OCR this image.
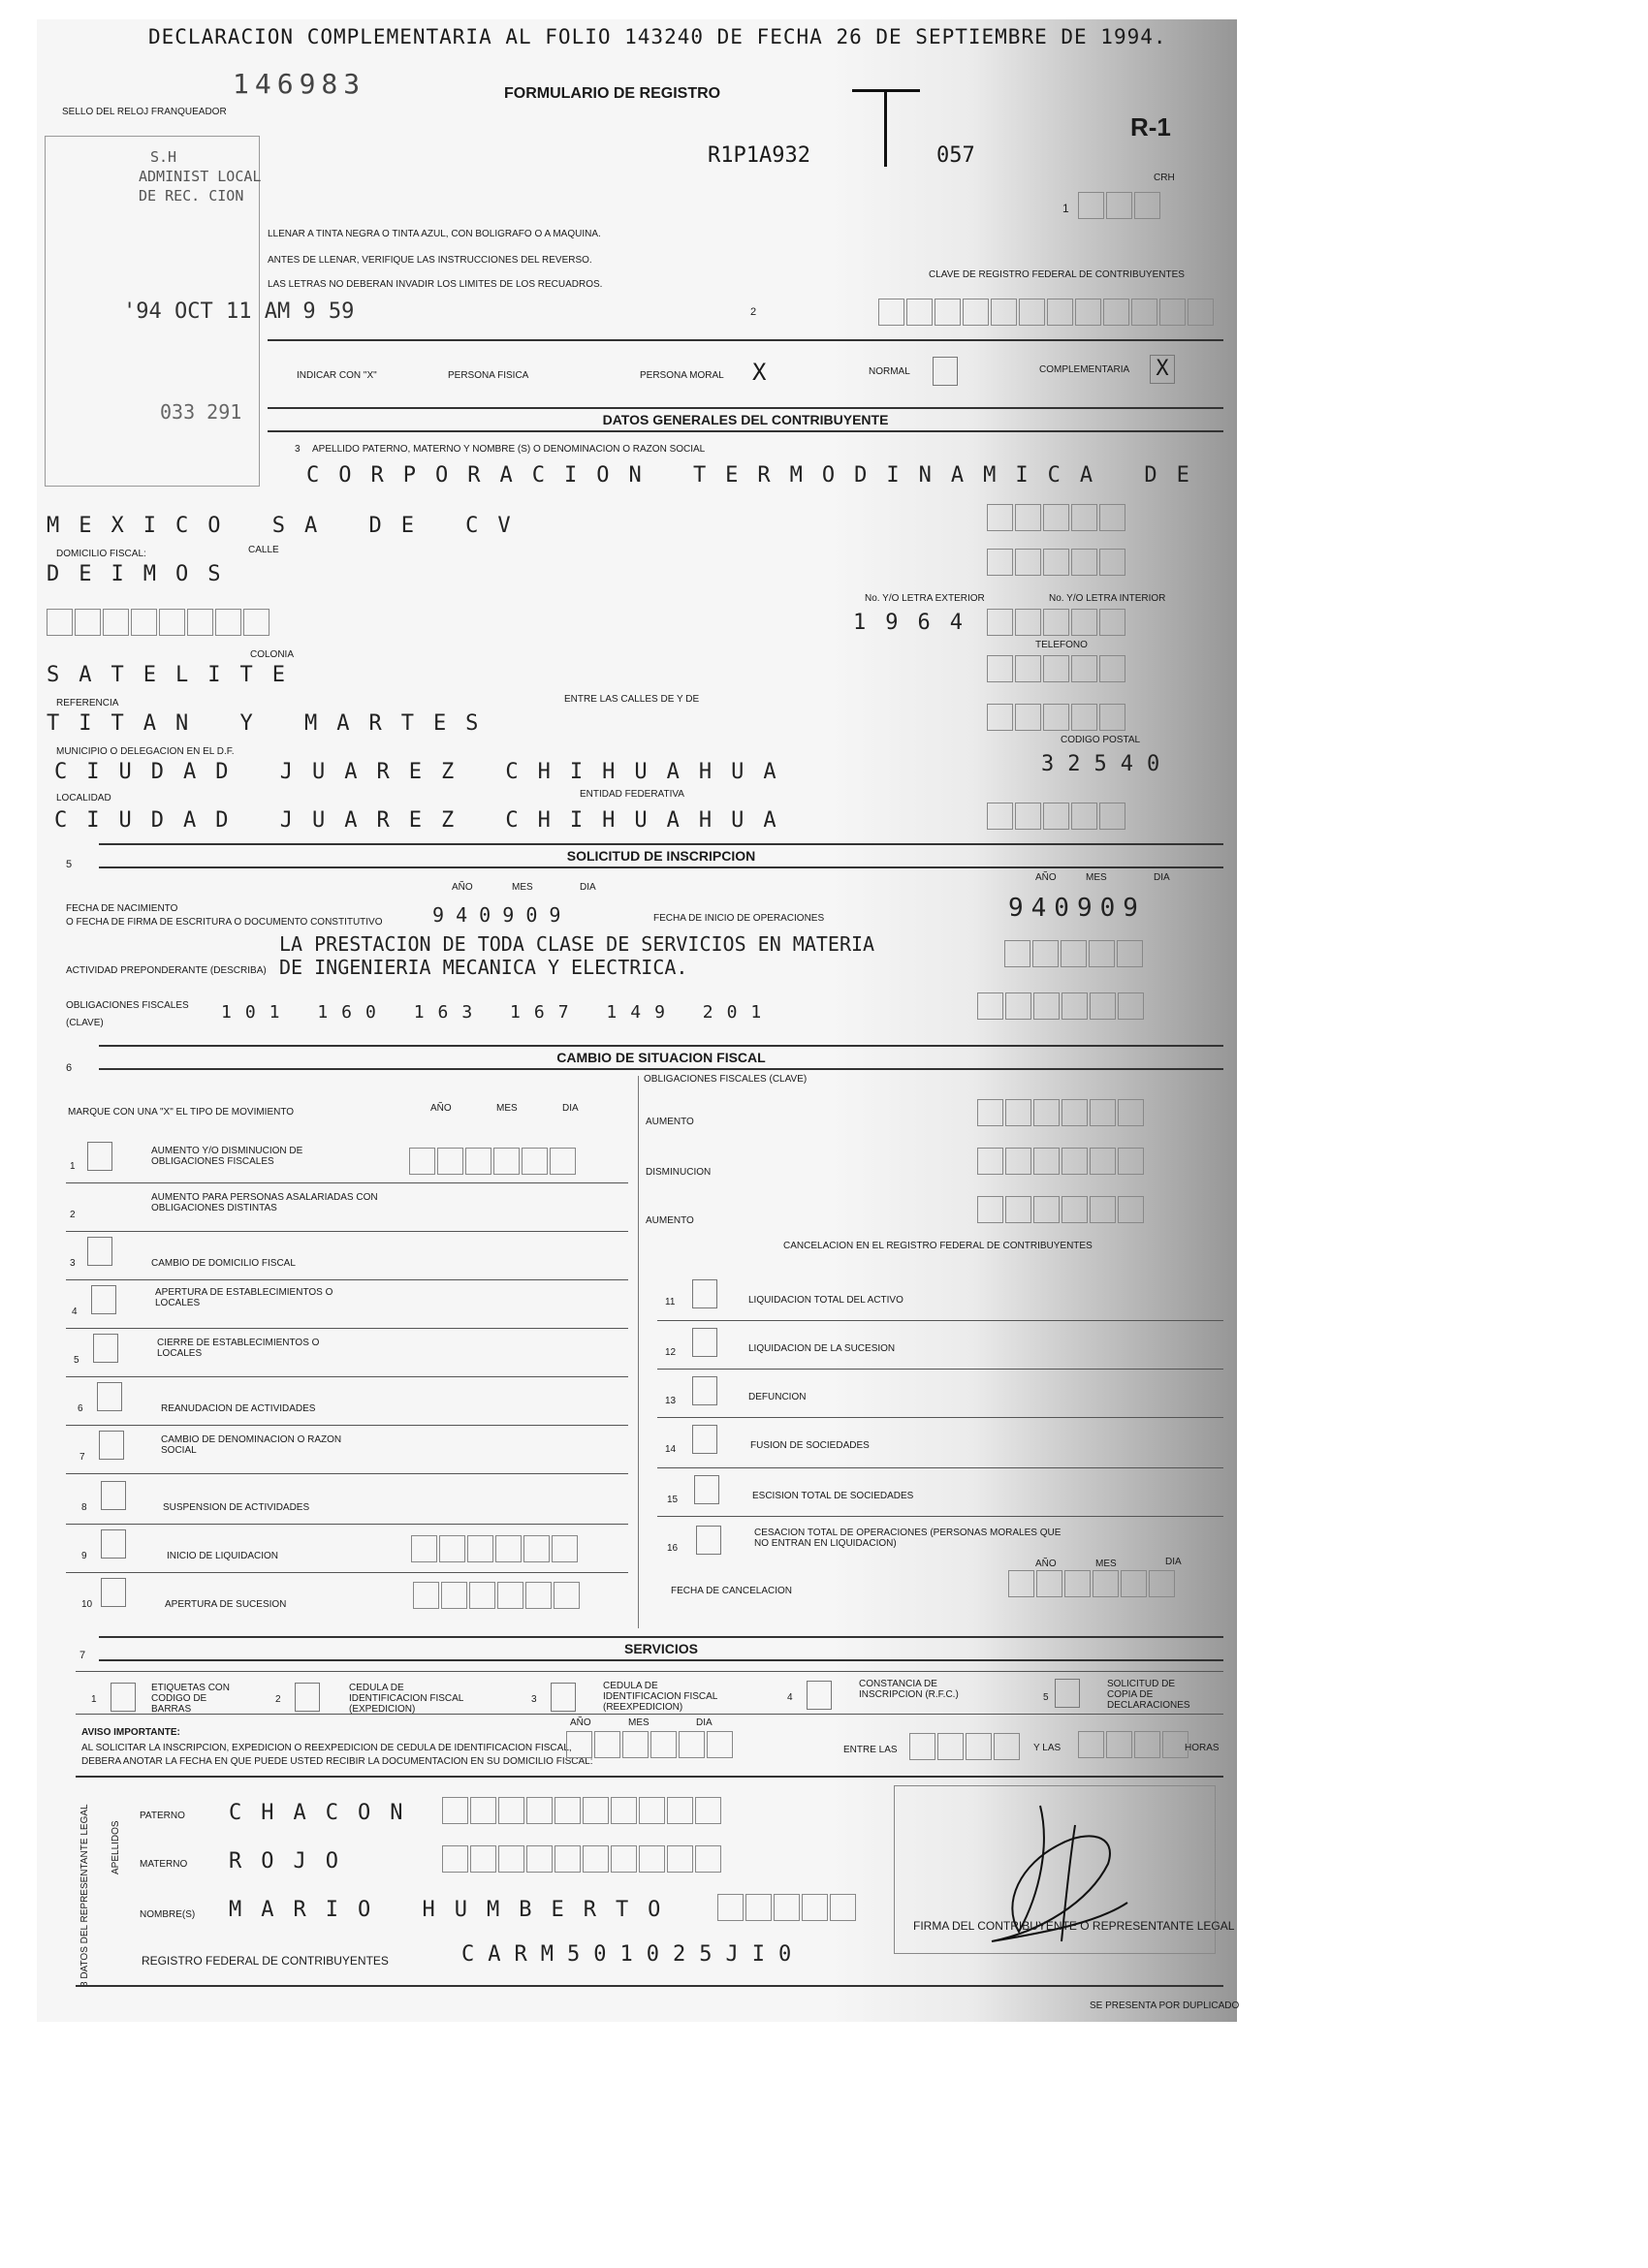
DECLARACION COMPLEMENTARIA AL FOLIO 143240 DE FECHA 26 DE SEPTIEMBRE DE 1994.
146983
SELLO DEL RELOJ FRANQUEADOR
FORMULARIO DE REGISTRO
R1P1A932	057
R-1
CRH
1
S.H
ADMINIST LOCAL
DE REC. CION
'94 OCT 11 AM 9 59
033 291
LLENAR A TINTA NEGRA O TINTA AZUL, CON BOLIGRAFO O A MAQUINA.
ANTES DE LLENAR, VERIFIQUE LAS INSTRUCCIONES DEL REVERSO.
LAS LETRAS NO DEBERAN INVADIR LOS LIMITES DE LOS RECUADROS.
CLAVE DE REGISTRO FEDERAL DE CONTRIBUYENTES
2
INDICAR CON "X"	PERSONA FISICA	PERSONA MORAL X	NORMAL	COMPLEMENTARIA X
DATOS GENERALES DEL CONTRIBUYENTE
APELLIDO PATERNO, MATERNO Y NOMBRE (S) O DENOMINACION O RAZON SOCIAL
3
CORPORACION TERMODINAMICA DE
MEXICO SA DE CV
DOMICILIO FISCAL:	CALLE
DEIMOS
No. Y/O LETRA EXTERIOR	No. Y/O LETRA INTERIOR
1964
TELEFONO
COLONIA
SATELITE
REFERENCIA	ENTRE LAS CALLES DE Y DE
TITAN Y MARTES
CODIGO POSTAL
MUNICIPIO O DELEGACION EN EL D.F.
CIUDAD JUAREZ CHIHUAHUA	32540
LOCALIDAD	ENTIDAD FEDERATIVA
CIUDAD JUAREZ CHIHUAHUA
SOLICITUD DE INSCRIPCION
5
AÑO	MES	DIA
AÑO	MES	DIA
FECHA DE NACIMIENTO
O FECHA DE FIRMA DE ESCRITURA O DOCUMENTO CONSTITUTIVO	9 4 0 9 0 9	FECHA DE INICIO DE OPERACIONES	940909
LA PRESTACION DE TODA CLASE DE SERVICIOS EN MATERIA
DE INGENIERIA MECANICA Y ELECTRICA.
ACTIVIDAD PREPONDERANTE (DESCRIBA)
OBLIGACIONES FISCALES
(CLAVE)
101 160 163 167 149 201
CAMBIO DE SITUACION FISCAL
6
OBLIGACIONES FISCALES (CLAVE)
MARQUE CON UNA "X" EL TIPO DE MOVIMIENTO	AÑO	MES	DIA
AUMENTO
DISMINUCION
AUMENTO
1
AUMENTO Y/O DISMINUCION DE OBLIGACIONES FISCALES
2
AUMENTO PARA PERSONAS ASALARIADAS CON OBLIGACIONES DISTINTAS
3	CAMBIO DE DOMICILIO FISCAL
4
APERTURA DE ESTABLECIMIENTOS O LOCALES
5
CIERRE DE ESTABLECIMIENTOS O LOCALES
6	REANUDACION DE ACTIVIDADES
7
CAMBIO DE DENOMINACION O RAZON SOCIAL
8	SUSPENSION DE ACTIVIDADES
9	INICIO DE LIQUIDACION
10	APERTURA DE SUCESION
CANCELACION EN EL REGISTRO FEDERAL DE CONTRIBUYENTES
11	LIQUIDACION TOTAL DEL ACTIVO
12	LIQUIDACION DE LA SUCESION
13	DEFUNCION
14	FUSION DE SOCIEDADES
15	ESCISION TOTAL DE SOCIEDADES
16
CESACION TOTAL DE OPERACIONES (PERSONAS MORALES QUE NO ENTRAN EN LIQUIDACION)
AÑO	MES	DIA
FECHA DE CANCELACION
SERVICIOS
7
1
ETIQUETAS CON CODIGO DE BARRAS
2
CEDULA DE IDENTIFICACION FISCAL (EXPEDICION)
3
CEDULA DE IDENTIFICACION FISCAL (REEXPEDICION)
4
CONSTANCIA DE INSCRIPCION (R.F.C.)	5
SOLICITUD DE COPIA DE DECLARACIONES
AÑO	MES	DIA
AVISO IMPORTANTE:
AL SOLICITAR LA INSCRIPCION, EXPEDICION O REEXPEDICION DE CEDULA DE IDENTIFICACION FISCAL,
DEBERA ANOTAR LA FECHA EN QUE PUEDE USTED RECIBIR LA DOCUMENTACION EN SU DOMICILIO FISCAL:
ENTRE LAS	Y LAS	HORAS
8 DATOS DEL REPRESENTANTE LEGAL	APELLIDOS
PATERNO CHACON
MATERNO ROJO
NOMBRE(S) MARIO HUMBERTO
REGISTRO FEDERAL DE CONTRIBUYENTES	CARM501025JI0
FIRMA DEL CONTRIBUYENTE O REPRESENTANTE LEGAL
SE PRESENTA POR DUPLICADO
